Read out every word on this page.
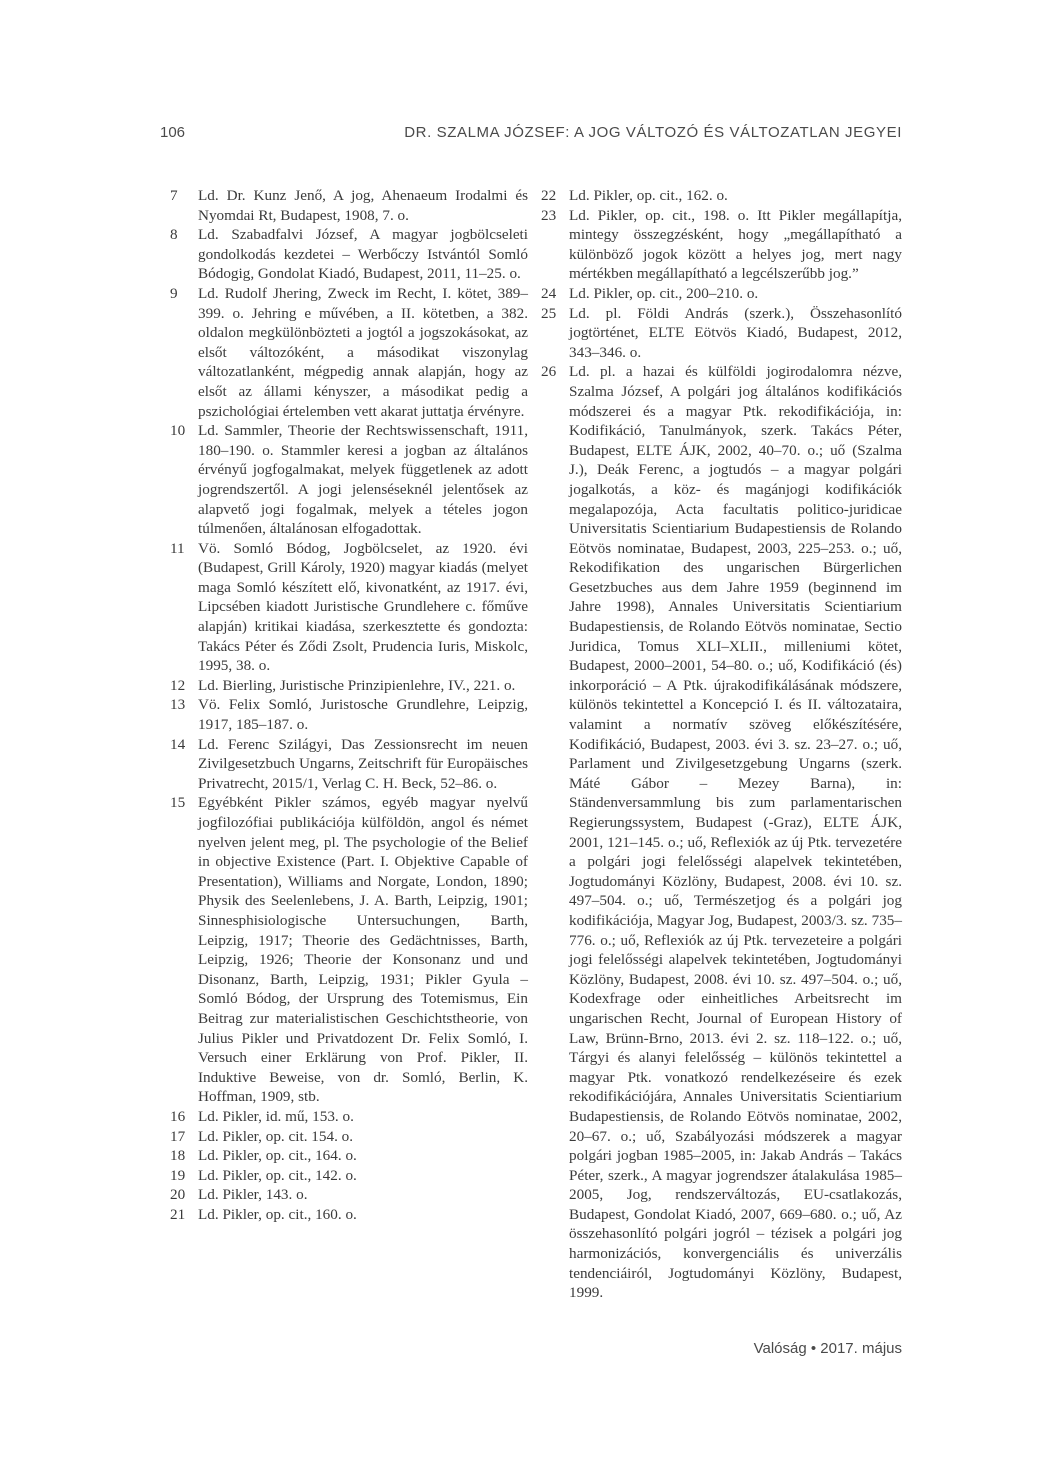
106	DR. SZALMA JÓZSEF: A JOG VÁLTOZÓ ÉS VÁLTOZATLAN JEGYEI
7	Ld. Dr. Kunz Jenő, A jog, Ahenaeum Irodalmi és Nyomdai Rt, Budapest, 1908, 7. o.
8	Ld. Szabadfalvi József, A magyar jogbölcseleti gondolkodás kezdetei – Werbőczy Istvántól Somló Bódogig, Gondolat Kiadó, Budapest, 2011, 11–25. o.
9	Ld. Rudolf Jhering, Zweck im Recht, I. kötet, 389–399. o. Jehring e művében, a II. kötetben, a 382. oldalon megkülönbözteti a jogtól a jogszokásokat, az elsőt változóként, a másodikat viszonylag változatlanként, mégpedig annak alapján, hogy az elsőt az állami kényszer, a másodikat pedig a pszichológiai értelemben vett akarat juttatja érvényre.
10 Ld. Sammler, Theorie der Rechtswissenschaft, 1911, 180–190. o. Stammler keresi a jogban az általános érvényű jogfogalmakat, melyek függetlenek az adott jogrendszertől. A jogi jelenséseknél jelentősek az alapvető jogi fogalmak, melyek a tételes jogon túlmenően, általánosan elfogadottak.
11 Vö. Somló Bódog, Jogbölcselet, az 1920. évi (Budapest, Grill Károly, 1920) magyar kiadás (melyet maga Somló készített elő, kivonatként, az 1917. évi, Lipcsében kiadott Juristische Grundlehere c. főműve alapján) kritikai kiadása, szerkesztette és gondozta: Takács Péter és Ződi Zsolt, Prudencia Iuris, Miskolc, 1995, 38. o.
12 Ld. Bierling, Juristische Prinzipienlehre, IV., 221. o.
13 Vö. Felix Somló, Juristosche Grundlehre, Leipzig, 1917, 185–187. o.
14 Ld. Ferenc Szilágyi, Das Zessionsrecht im neuen Zivilgesetzbuch Ungarns, Zeitschrift für Europäisches Privatrecht, 2015/1, Verlag C. H. Beck, 52–86. o.
15 Egyébként Pikler számos, egyéb magyar nyelvű jogfilozófiai publikációja külföldön, angol és német nyelven jelent meg, pl. The psychologie of the Belief in objective Existence (Part. I. Objektive Capable of Presentation), Williams and Norgate, London, 1890; Physik des Seelenlebens, J. A. Barth, Leipzig, 1901; Sinnesphisiologische Untersuchungen, Barth, Leipzig, 1917; Theorie des Gedächtnisses, Barth, Leipzig, 1926; Theorie der Konsonanz und und Disonanz, Barth, Leipzig, 1931; Pikler Gyula – Somló Bódog, der Ursprung des Totemismus, Ein Beitrag zur materialistischen Geschichtstheorie, von Julius Pikler und Privatdozent Dr. Felix Somló, I. Versuch einer Erklärung von Prof. Pikler, II. Induktive Beweise, von dr. Somló, Berlin, K. Hoffman, 1909, stb.
16 Ld. Pikler, id. mű, 153. o.
17 Ld. Pikler, op. cit. 154. o.
18 Ld. Pikler, op. cit., 164. o.
19 Ld. Pikler, op. cit., 142. o.
20 Ld. Pikler, 143. o.
21 Ld. Pikler, op. cit., 160. o.
22 Ld. Pikler, op. cit., 162. o.
23 Ld. Pikler, op. cit., 198. o. Itt Pikler megállapítja, mintegy összegzésként, hogy „megállapítható a különböző jogok között a helyes jog, mert nagy mértékben megállapítható a legcélszerűbb jog.”
24 Ld. Pikler, op. cit., 200–210. o.
25 Ld. pl. Földi András (szerk.), Összehasonlító jogtörténet, ELTE Eötvös Kiadó, Budapest, 2012, 343–346. o.
26 Ld. pl. a hazai és külföldi jogirodalomra nézve, Szalma József, A polgári jog általános kodifikációs módszerei és a magyar Ptk. rekodifikációja, in: Kodifikáció, Tanulmányok, szerk. Takács Péter, Budapest, ELTE ÁJK, 2002, 40–70. o.; uő (Szalma J.), Deák Ferenc, a jogtudós – a magyar polgári jogalkotás, a köz- és magánjogi kodifikációk megalapozója, Acta facultatis politico-juridicae Universitatis Scientiarium Budapestiensis de Rolando Eötvös nominatae, Budapest, 2003, 225–253. o.; uő, Rekodifikation des ungarischen Bürgerlichen Gesetzbuches aus dem Jahre 1959 (beginnend im Jahre 1998), Annales Universitatis Scientiarium Budapestiensis, de Rolando Eötvös nominatae, Sectio Juridica, Tomus XLI–XLII., milleniumi kötet, Budapest, 2000–2001, 54–80. o.; uő, Kodifikáció (és) inkorporáció – A Ptk. újrakodifikálásának módszere, különös tekintettel a Koncepció I. és II. változataira, valamint a normatív szöveg előkészítésére, Kodifikáció, Budapest, 2003. évi 3. sz. 23–27. o.; uő, Parlament und Zivilgesetzgebung Ungarns (szerk. Máté Gábor – Mezey Barna), in: Ständenversammlung bis zum parlamentarischen Regierungssystem, Budapest (-Graz), ELTE ÁJK, 2001, 121–145. o.; uő, Reflexiók az új Ptk. tervezetére a polgári jogi felelősségi alapelvek tekintetében, Jogtudományi Közlöny, Budapest, 2008. évi 10. sz. 497–504. o.; uő, Természetjog és a polgári jog kodifikációja, Magyar Jog, Budapest, 2003/3. sz. 735–776. o.; uő, Reflexiók az új Ptk. tervezeteire a polgári jogi felelősségi alapelvek tekintetében, Jogtudományi Közlöny, Budapest, 2008. évi 10. sz. 497–504. o.; uő, Kodexfrage oder einheitliches Arbeitsrecht im ungarischen Recht, Journal of European History of Law, Brünn-Brno, 2013. évi 2. sz. 118–122. o.; uő, Tárgyi és alanyi felelősség – különös tekintettel a magyar Ptk. vonatkozó rendelkezéseire és ezek rekodifikációjára, Annales Universitatis Scientiarium Budapestiensis, de Rolando Eötvös nominatae, 2002, 20–67. o.; uő, Szabályozási módszerek a magyar polgári jogban 1985–2005, in: Jakab András – Takács Péter, szerk., A magyar jogrendszer átalakulása 1985–2005, Jog, rendszerváltozás, EU-csatlakozás, Budapest, Gondolat Kiadó, 2007, 669–680. o.; uő, Az összehasonlító polgári jogról – tézisek a polgári jog harmonizációs, konvergenciális és univerzális tendenciáiról, Jogtudományi Közlöny, Budapest, 1999.
Valóság • 2017. május
